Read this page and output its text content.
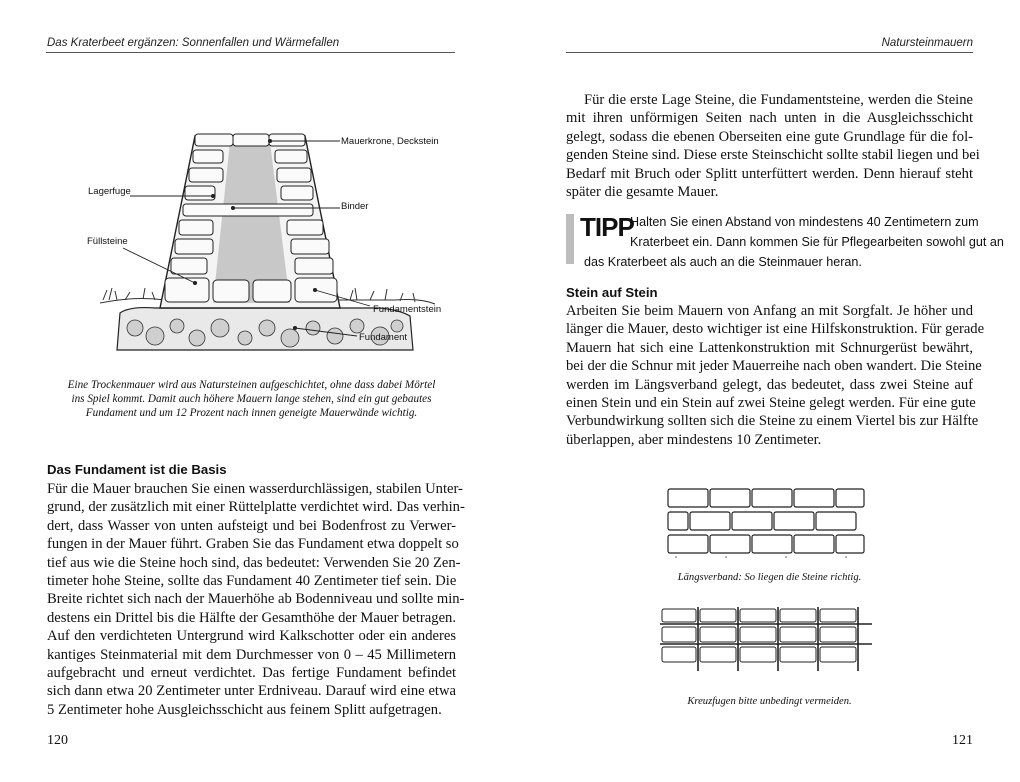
Das Kraterbeet ergänzen: Sonnenfallen und Wärmefallen
Mauerkrone, Deckstein
Lagerfuge
Binder
Füllsteine
Fundamentstein
Fundament
Eine Trockenmauer wird aus Natursteinen aufgeschichtet, ohne dass dabei Mörtel
ins Spiel kommt. Damit auch höhere Mauern lange stehen, sind ein gut gebautes
Fundament und um 12 Prozent nach innen geneigte Mauerwände wichtig.
Das Fundament ist die Basis
Für die Mauer brauchen Sie einen wasserdurchlässigen, stabilen Unter-
grund, der zusätzlich mit einer Rüttelplatte verdichtet wird. Das verhin-
dert, dass Wasser von unten aufsteigt und bei Bodenfrost zu Verwer-
fungen in der Mauer führt. Graben Sie das Fundament etwa doppelt so
tief aus wie die Steine hoch sind, das bedeutet: Verwenden Sie 20 Zen-
timeter hohe Steine, sollte das Fundament 40 Zentimeter tief sein. Die
Breite richtet sich nach der Mauerhöhe ab Bodenniveau und sollte min-
destens ein Drittel bis die Hälfte der Gesamthöhe der Mauer betragen.
Auf den verdichteten Untergrund wird Kalkschotter oder ein anderes
kantiges Steinmaterial mit dem Durchmesser von 0 – 45 Millimetern
aufgebracht und erneut verdichtet. Das fertige Fundament befindet
sich dann etwa 20 Zentimeter unter Erdniveau. Darauf wird eine etwa
5 Zentimeter hohe Ausgleichsschicht aus feinem Splitt aufgetragen.
120
Natursteinmauern
Für die erste Lage Steine, die Fundamentsteine, werden die Steine
mit ihren unförmigen Seiten nach unten in die Ausgleichsschicht
gelegt, sodass die ebenen Oberseiten eine gute Grundlage für die fol-
genden Steine sind. Diese erste Steinschicht sollte stabil liegen und bei
Bedarf mit Bruch oder Splitt unterfüttert werden. Denn hierauf steht
später die gesamte Mauer.
TIPP
Halten Sie einen Abstand von mindestens 40 Zentimetern zum
Kraterbeet ein. Dann kommen Sie für Pflegearbeiten sowohl gut an
das Kraterbeet als auch an die Steinmauer heran.
Stein auf Stein
Arbeiten Sie beim Mauern von Anfang an mit Sorgfalt. Je höher und
länger die Mauer, desto wichtiger ist eine Hilfskonstruktion. Für gerade
Mauern hat sich eine Lattenkonstruktion mit Schnurgerüst bewährt,
bei der die Schnur mit jeder Mauerreihe nach oben wandert. Die Steine
werden im Längsverband gelegt, das bedeutet, dass zwei Steine auf
einen Stein und ein Stein auf zwei Steine gelegt werden. Für eine gute
Verbundwirkung sollten sich die Steine zu einem Viertel bis zur Hälfte
überlappen, aber mindestens 10 Zentimeter.
Längsverband: So liegen die Steine richtig.
Kreuzfugen bitte unbedingt vermeiden.
121
